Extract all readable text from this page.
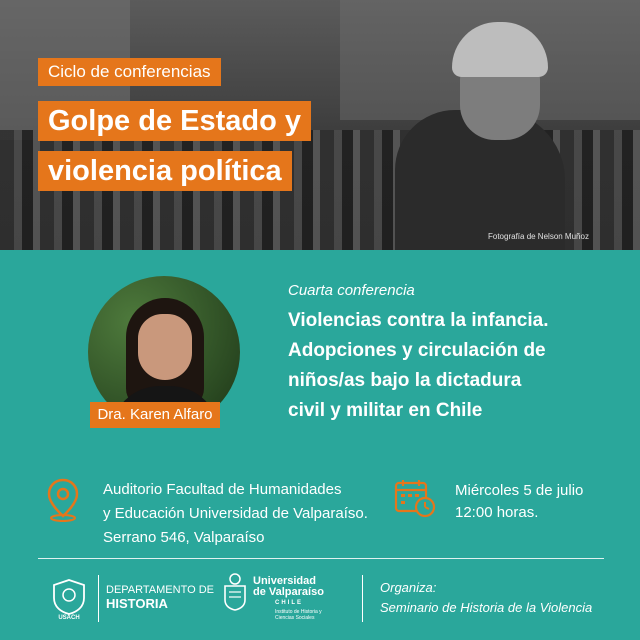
Fotografía de Nelson Muñoz
Ciclo de conferencias
Golpe de Estado y
violencia política
Dra. Karen Alfaro
Cuarta conferencia
Violencias contra la infancia.
Adopciones y circulación de
niños/as bajo la dictadura
civil y militar en Chile
Auditorio Facultad de Humanidades
y Educación Universidad de Valparaíso.
Serrano 546, Valparaíso
Miércoles 5 de julio
12:00 horas.
USACH
DEPARTAMENTO DE
HISTORIA
Universidad
de Valparaíso
CHILE
Instituto de Historia y
Ciencias Sociales
Organiza:
Seminario de Historia de la Violencia
